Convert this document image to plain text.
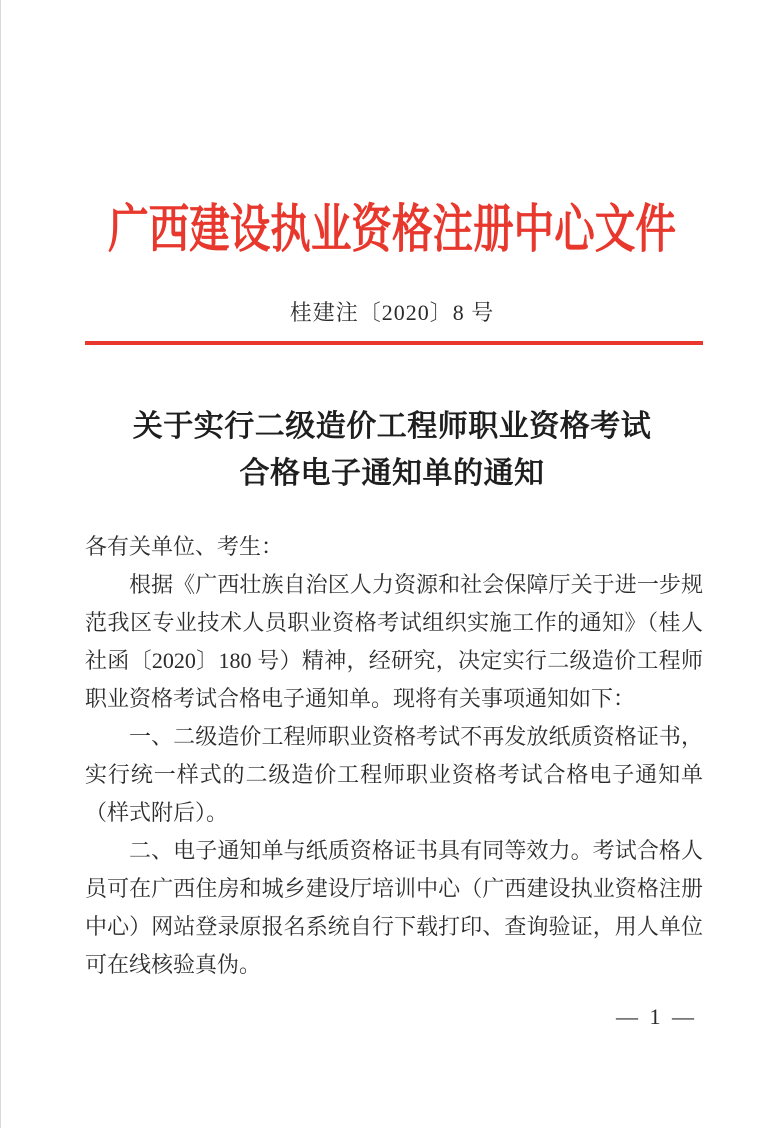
广西建设执业资格注册中心文件
桂建注〔2020〕8 号
关于实行二级造价工程师职业资格考试
合格电子通知单的通知

各有关单位、考生：

根据《广西壮族自治区人力资源和社会保障厅关于进一步规范我区专业技术人员职业资格考试组织实施工作的通知》（桂人社函〔2020〕180 号）精神，经研究，决定实行二级造价工程师职业资格考试合格电子通知单。现将有关事项通知如下：

一、二级造价工程师职业资格考试不再发放纸质资格证书，实行统一样式的二级造价工程师职业资格考试合格电子通知单（样式附后）。

二、电子通知单与纸质资格证书具有同等效力。考试合格人员可在广西住房和城乡建设厅培训中心（广西建设执业资格注册中心）网站登录原报名系统自行下载打印、查询验证，用人单位可在线核验真伪。

— 1 —
